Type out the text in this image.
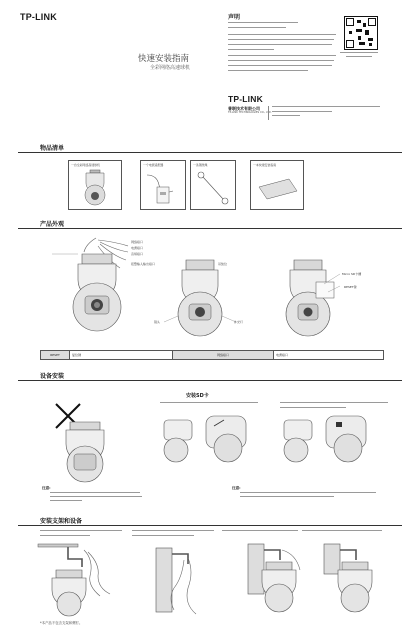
TP-LINK
快速安装指南
全彩网络高速球机
声明
TP-LINK
普联技术有限公司
TP-LINK TECHNOLOGIES CO., LTD.
物品清单
一台全彩网络高速球机	一个电源适配器	一条钢丝绳	一本快速安装指南
产品外观
网络接口
电源接口
音频接口
报警输入输出接口	吊装位
镜头	补光灯
Micro SD卡槽
RESET键
RESET	复位键	网络接口	电源接口
设备安装
安装SD卡
注意:	注意:
安装支架和设备
*本产品不包含支架和螺钉。
